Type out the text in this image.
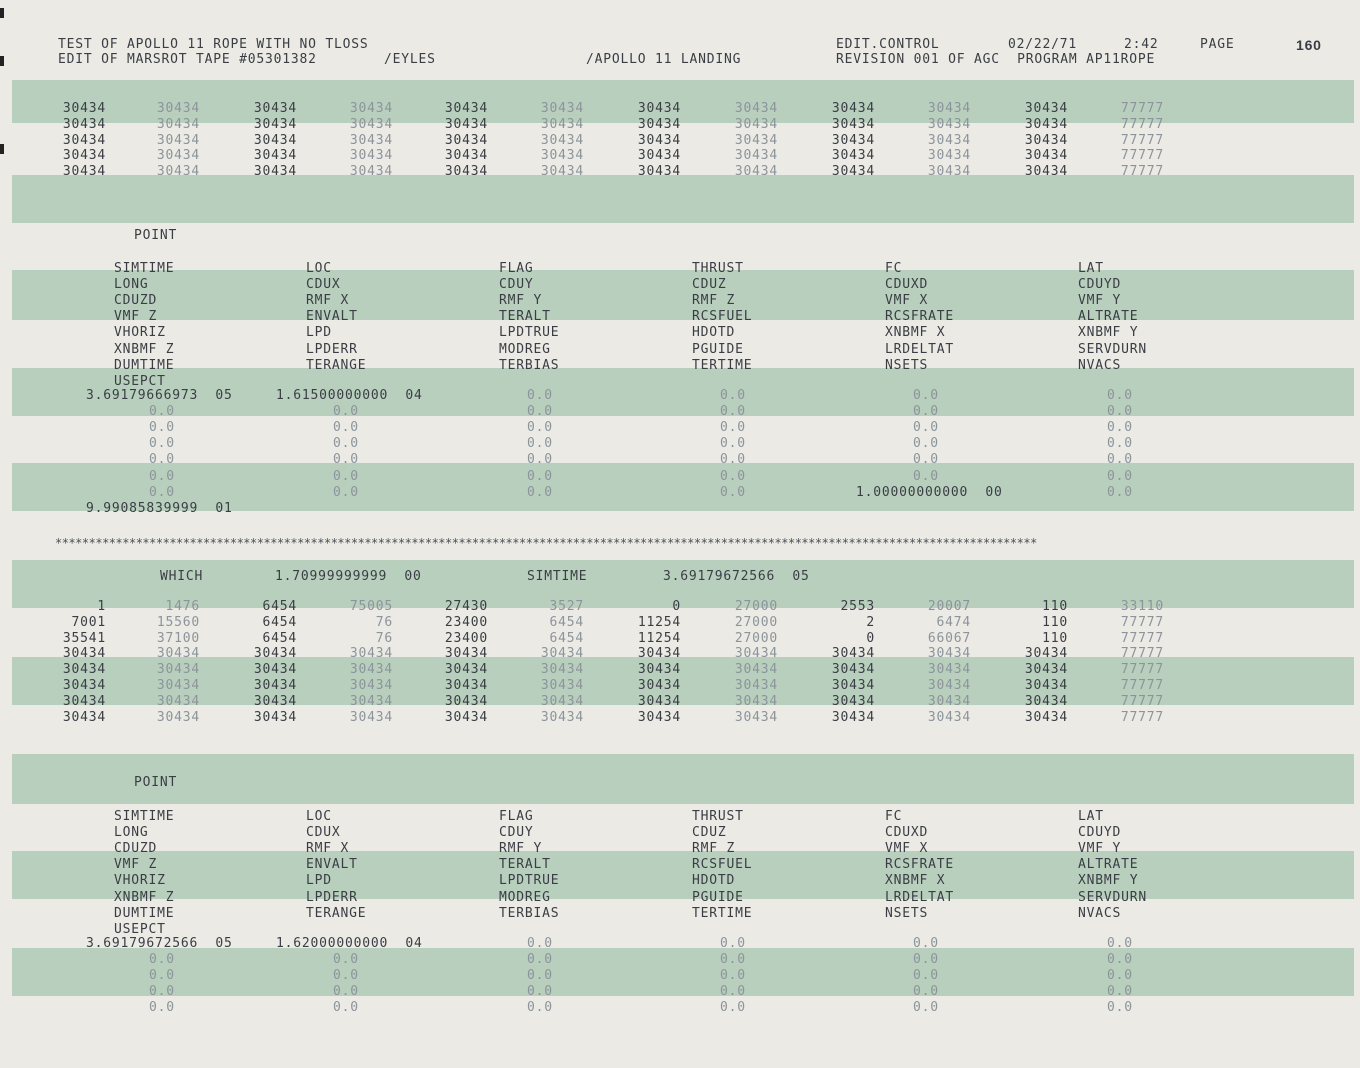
TEST OF APOLLO 11 ROPE WITH NO TLOSS	EDIT.CONTROL	02/22/71	2:42	PAGE	160
EDIT OF MARSROT TAPE #05301382	/EYLES	/APOLLO 11 LANDING	REVISION 001 OF AGC  PROGRAM AP11ROPE
30434	30434	30434	30434	30434	30434	30434	30434	30434	30434	30434	77777
30434	30434	30434	30434	30434	30434	30434	30434	30434	30434	30434	77777
30434	30434	30434	30434	30434	30434	30434	30434	30434	30434	30434	77777
30434	30434	30434	30434	30434	30434	30434	30434	30434	30434	30434	77777
30434	30434	30434	30434	30434	30434	30434	30434	30434	30434	30434	77777
POINT
SIMTIME	LOC	FLAG	THRUST	FC	LAT
LONG	CDUX	CDUY	CDUZ	CDUXD	CDUYD
CDUZD	RMF X	RMF Y	RMF Z	VMF X	VMF Y
VMF Z	ENVALT	TERALT	RCSFUEL	RCSFRATE	ALTRATE
VHORIZ	LPD	LPDTRUE	HDOTD	XNBMF X	XNBMF Y
XNBMF Z	LPDERR	MODREG	PGUIDE	LRDELTAT	SERVDURN
DUMTIME	TERANGE	TERBIAS	TERTIME	NSETS	NVACS
USEPCT
3.69179666973  05	1.61500000000  04	0.0	0.0	0.0	0.0
0.0	0.0	0.0	0.0	0.0	0.0
0.0	0.0	0.0	0.0	0.0	0.0
0.0	0.0	0.0	0.0	0.0	0.0
0.0	0.0	0.0	0.0	0.0	0.0
0.0	0.0	0.0	0.0	0.0	0.0
0.0	0.0	0.0	0.0	1.00000000000  00	0.0
9.99085839999  01
**************************************************************************************************************************************************
WHICH	1.70999999999  00	SIMTIME	3.69179672566  05
1	1476	6454	75005	27430	3527	0	27000	2553	20007	110	33110
7001	15560	6454	76	23400	6454	11254	27000	2	6474	110	77777
35541	37100	6454	76	23400	6454	11254	27000	0	66067	110	77777
30434	30434	30434	30434	30434	30434	30434	30434	30434	30434	30434	77777
30434	30434	30434	30434	30434	30434	30434	30434	30434	30434	30434	77777
30434	30434	30434	30434	30434	30434	30434	30434	30434	30434	30434	77777
30434	30434	30434	30434	30434	30434	30434	30434	30434	30434	30434	77777
30434	30434	30434	30434	30434	30434	30434	30434	30434	30434	30434	77777
POINT
SIMTIME	LOC	FLAG	THRUST	FC	LAT
LONG	CDUX	CDUY	CDUZ	CDUXD	CDUYD
CDUZD	RMF X	RMF Y	RMF Z	VMF X	VMF Y
VMF Z	ENVALT	TERALT	RCSFUEL	RCSFRATE	ALTRATE
VHORIZ	LPD	LPDTRUE	HDOTD	XNBMF X	XNBMF Y
XNBMF Z	LPDERR	MODREG	PGUIDE	LRDELTAT	SERVDURN
DUMTIME	TERANGE	TERBIAS	TERTIME	NSETS	NVACS
USEPCT
3.69179672566  05	1.62000000000  04	0.0	0.0	0.0	0.0
0.0	0.0	0.0	0.0	0.0	0.0
0.0	0.0	0.0	0.0	0.0	0.0
0.0	0.0	0.0	0.0	0.0	0.0
0.0	0.0	0.0	0.0	0.0	0.0
